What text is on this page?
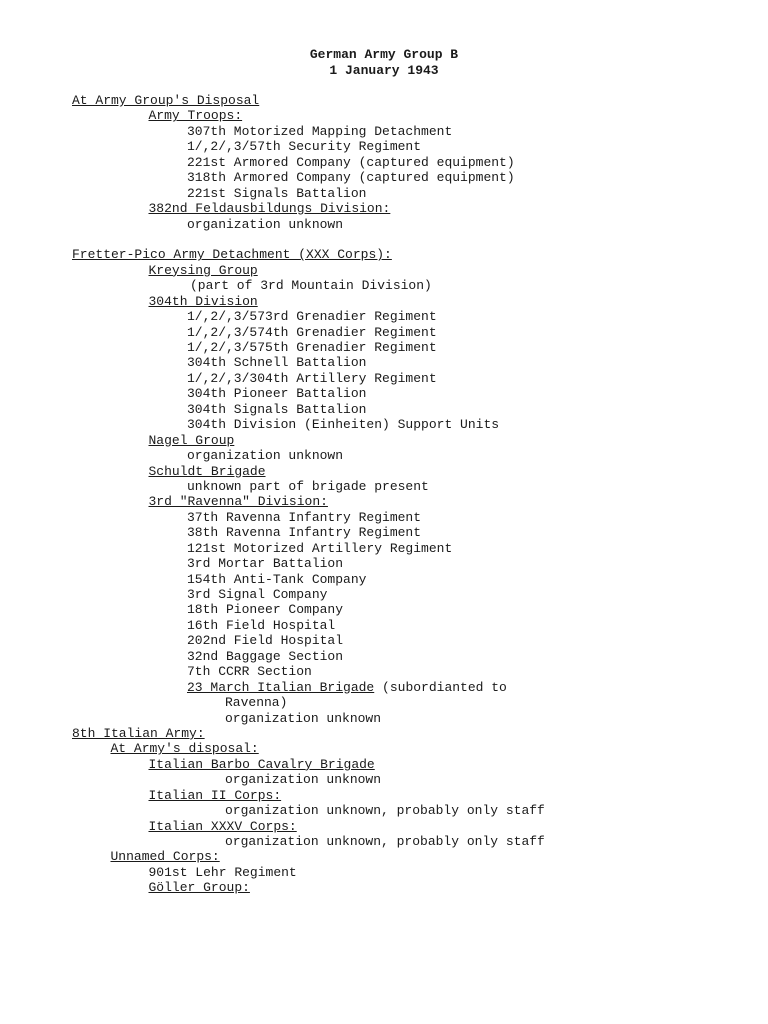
German Army Group B
1 January 1943
At Army Group's Disposal
Army Troops:
307th Motorized Mapping Detachment
1/,2/,3/57th Security Regiment
221st Armored Company (captured equipment)
318th Armored Company (captured equipment)
221st Signals Battalion
382nd Feldausbildungs Division:
organization unknown
Fretter-Pico Army Detachment (XXX Corps):
Kreysing Group
(part of 3rd Mountain Division)
304th Division
1/,2/,3/573rd Grenadier Regiment
1/,2/,3/574th Grenadier Regiment
1/,2/,3/575th Grenadier Regiment
304th Schnell Battalion
1/,2/,3/304th Artillery Regiment
304th Pioneer Battalion
304th Signals Battalion
304th Division (Einheiten) Support Units
Nagel Group
organization unknown
Schuldt Brigade
unknown part of brigade present
3rd "Ravenna" Division:
37th Ravenna Infantry Regiment
38th Ravenna Infantry Regiment
121st Motorized Artillery Regiment
3rd Mortar Battalion
154th Anti-Tank Company
3rd Signal Company
18th Pioneer Company
16th Field Hospital
202nd Field Hospital
32nd Baggage Section
7th CCRR Section
23 March Italian Brigade (subordianted to
Ravenna)
organization unknown
8th Italian Army:
At Army's disposal:
Italian Barbo Cavalry Brigade
organization unknown
Italian II Corps:
organization unknown, probably only staff
Italian XXXV Corps:
organization unknown, probably only staff
Unnamed Corps:
901st Lehr Regiment
Göller Group:
